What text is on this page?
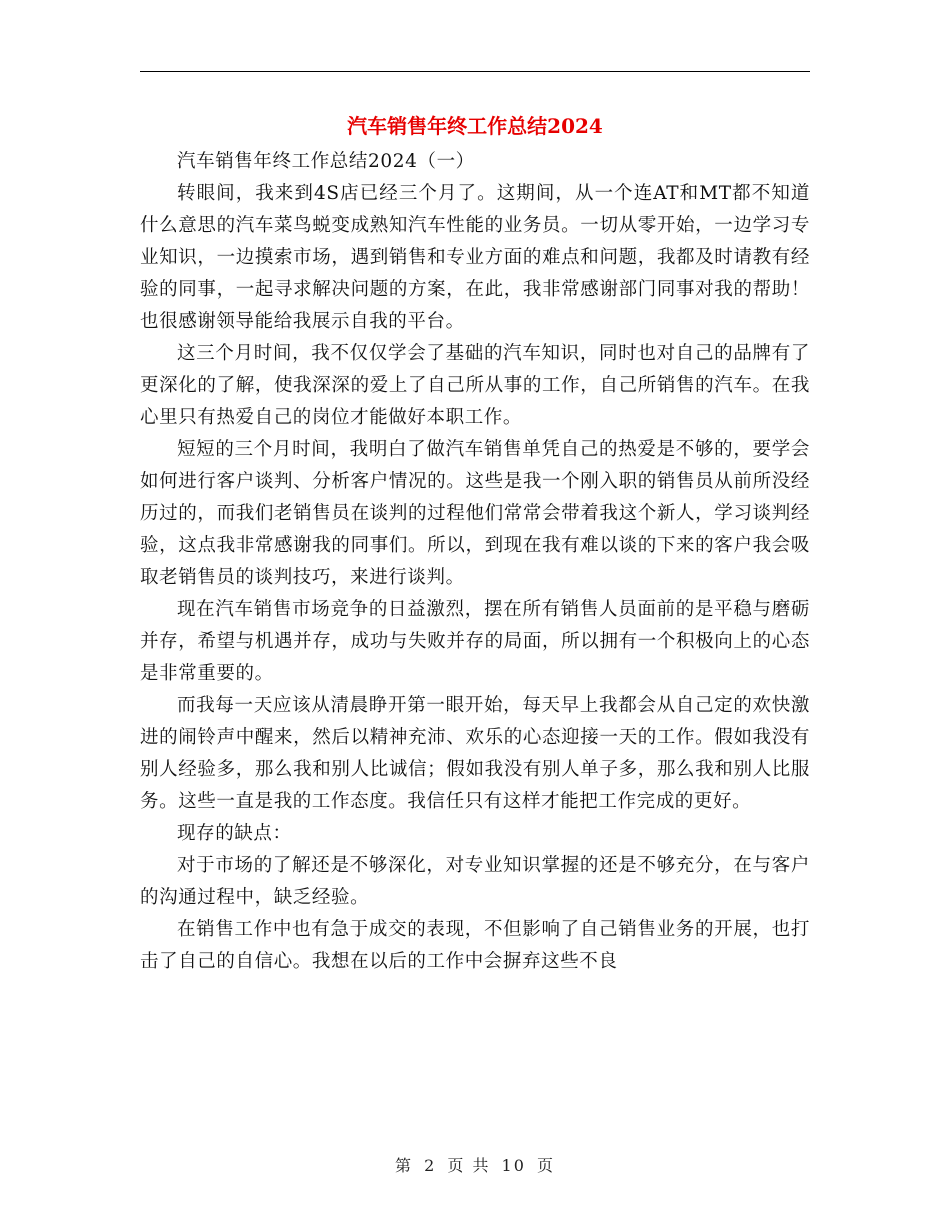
汽车销售年终工作总结2024

汽车销售年终工作总结2024（一）

转眼间，我来到4S店已经三个月了。这期间，从一个连AT和MT都不知道什么意思的汽车菜鸟蜕变成熟知汽车性能的业务员。一切从零开始，一边学习专业知识，一边摸索市场，遇到销售和专业方面的难点和问题，我都及时请教有经验的同事，一起寻求解决问题的方案，在此，我非常感谢部门同事对我的帮助！也很感谢领导能给我展示自我的平台。

这三个月时间，我不仅仅学会了基础的汽车知识，同时也对自己的品牌有了更深化的了解，使我深深的爱上了自己所从事的工作，自己所销售的汽车。在我心里只有热爱自己的岗位才能做好本职工作。

短短的三个月时间，我明白了做汽车销售单凭自己的热爱是不够的，要学会如何进行客户谈判、分析客户情况的。这些是我一个刚入职的销售员从前所没经历过的，而我们老销售员在谈判的过程他们常常会带着我这个新人，学习谈判经验，这点我非常感谢我的同事们。所以，到现在我有难以谈的下来的客户我会吸取老销售员的谈判技巧，来进行谈判。

现在汽车销售市场竞争的日益激烈，摆在所有销售人员面前的是平稳与磨砺并存，希望与机遇并存，成功与失败并存的局面，所以拥有一个积极向上的心态是非常重要的。

而我每一天应该从清晨睁开第一眼开始，每天早上我都会从自己定的欢快激进的闹铃声中醒来，然后以精神充沛、欢乐的心态迎接一天的工作。假如我没有别人经验多，那么我和别人比诚信；假如我没有别人单子多，那么我和别人比服务。这些一直是我的工作态度。我信任只有这样才能把工作完成的更好。

现存的缺点：

对于市场的了解还是不够深化，对专业知识掌握的还是不够充分，在与客户的沟通过程中，缺乏经验。

在销售工作中也有急于成交的表现，不但影响了自己销售业务的开展，也打击了自己的自信心。我想在以后的工作中会摒弃这些不良

第 2 页 共 10 页
